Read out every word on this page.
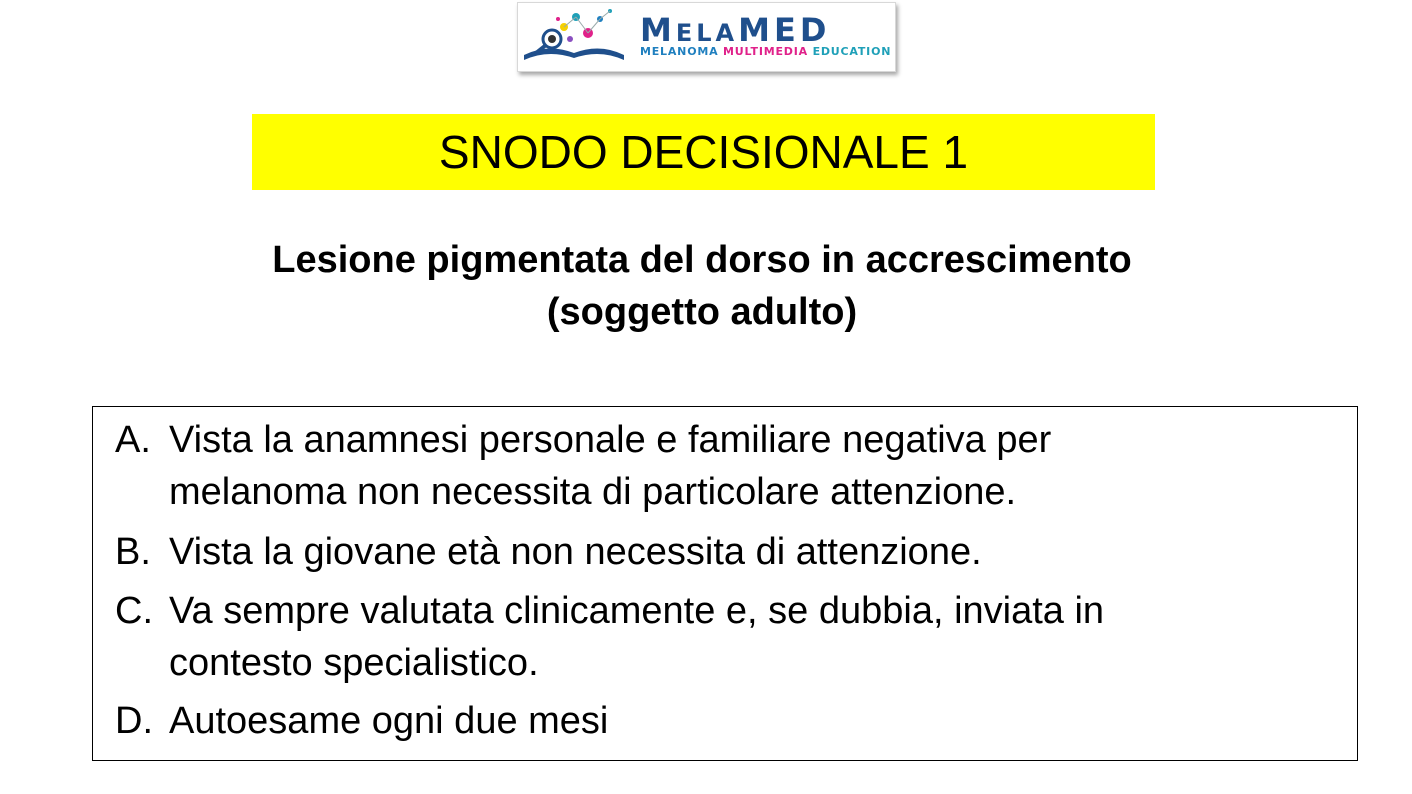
MELAMED
MELANOMA MULTIMEDIA EDUCATION
SNODO DECISIONALE 1
Lesione pigmentata del dorso in accrescimento
(soggetto adulto)
A. Vista la anamnesi personale e familiare negativa per
melanoma non necessita di particolare attenzione.
B. Vista la giovane età non necessita di attenzione.
C. Va sempre valutata clinicamente e, se dubbia, inviata in
contesto specialistico.
D. Autoesame ogni due mesi
